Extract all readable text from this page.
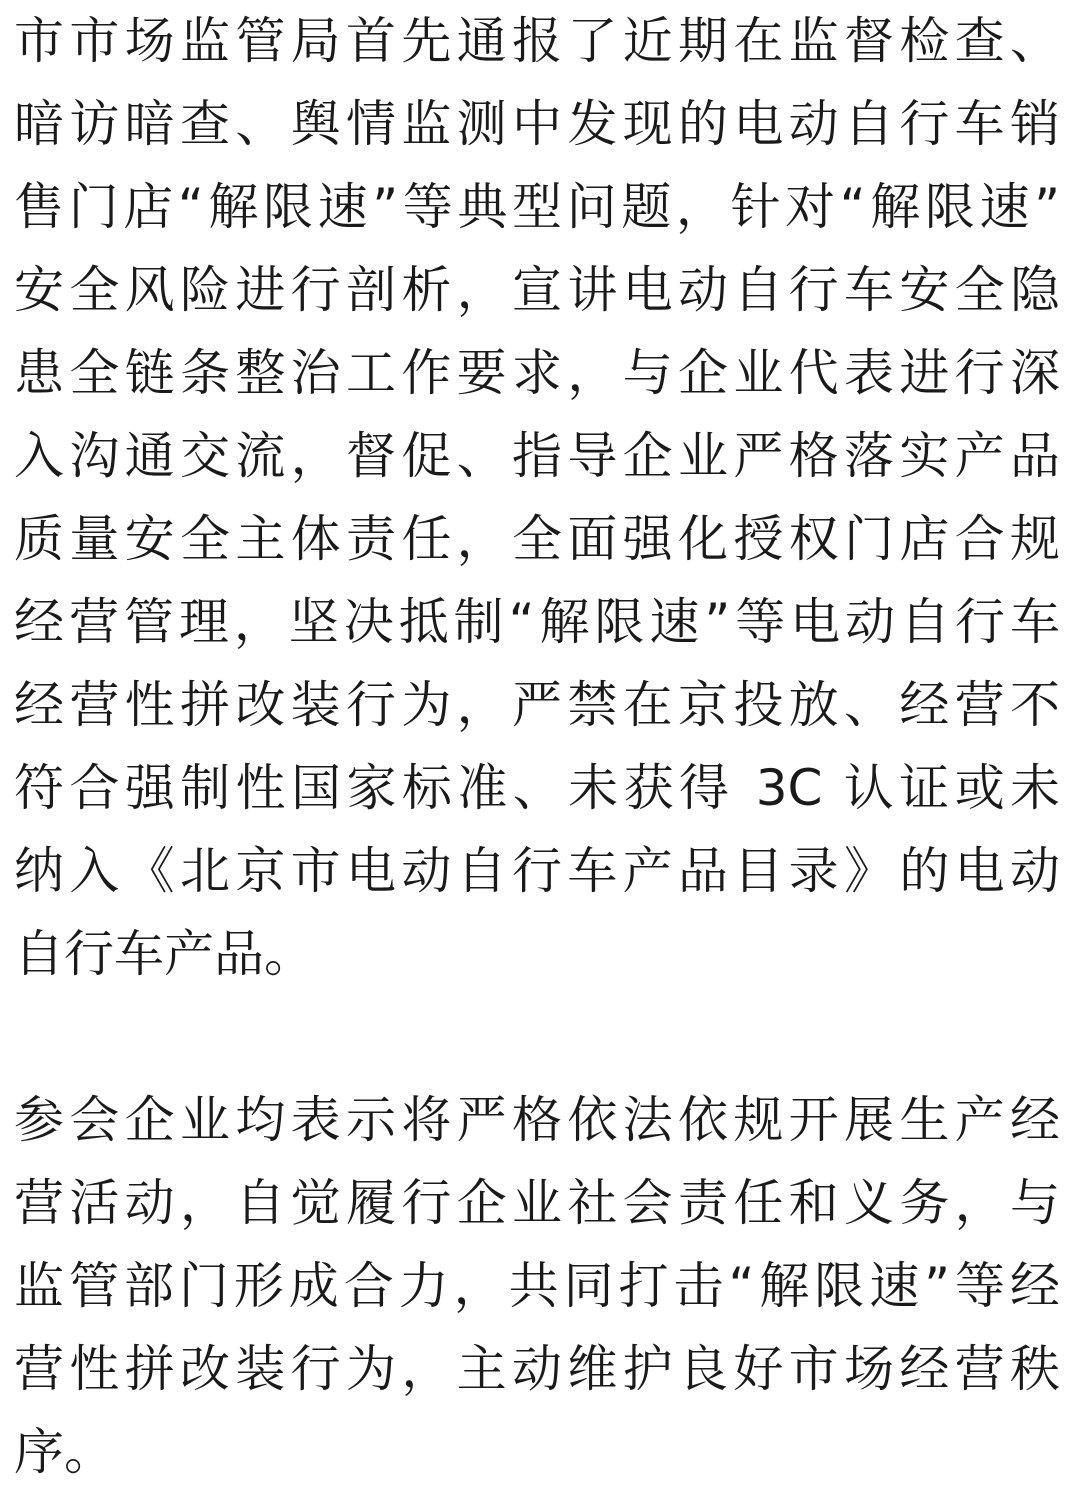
市市场监管局首先通报了近期在监督检查、
暗访暗查、舆情监测中发现的电动自行车销
售门店“解限速”等典型问题，针对“解限速”
安全风险进行剖析，宣讲电动自行车安全隐
患全链条整治工作要求，与企业代表进行深
入沟通交流，督促、指导企业严格落实产品
质量安全主体责任，全面强化授权门店合规
经营管理，坚决抵制“解限速”等电动自行车
经营性拼改装行为，严禁在京投放、经营不
符合强制性国家标准、未获得 3C 认证或未
纳入《北京市电动自行车产品目录》的电动
自行车产品。
参会企业均表示将严格依法依规开展生产经
营活动，自觉履行企业社会责任和义务，与
监管部门形成合力，共同打击“解限速”等经
营性拼改装行为，主动维护良好市场经营秩
序。
